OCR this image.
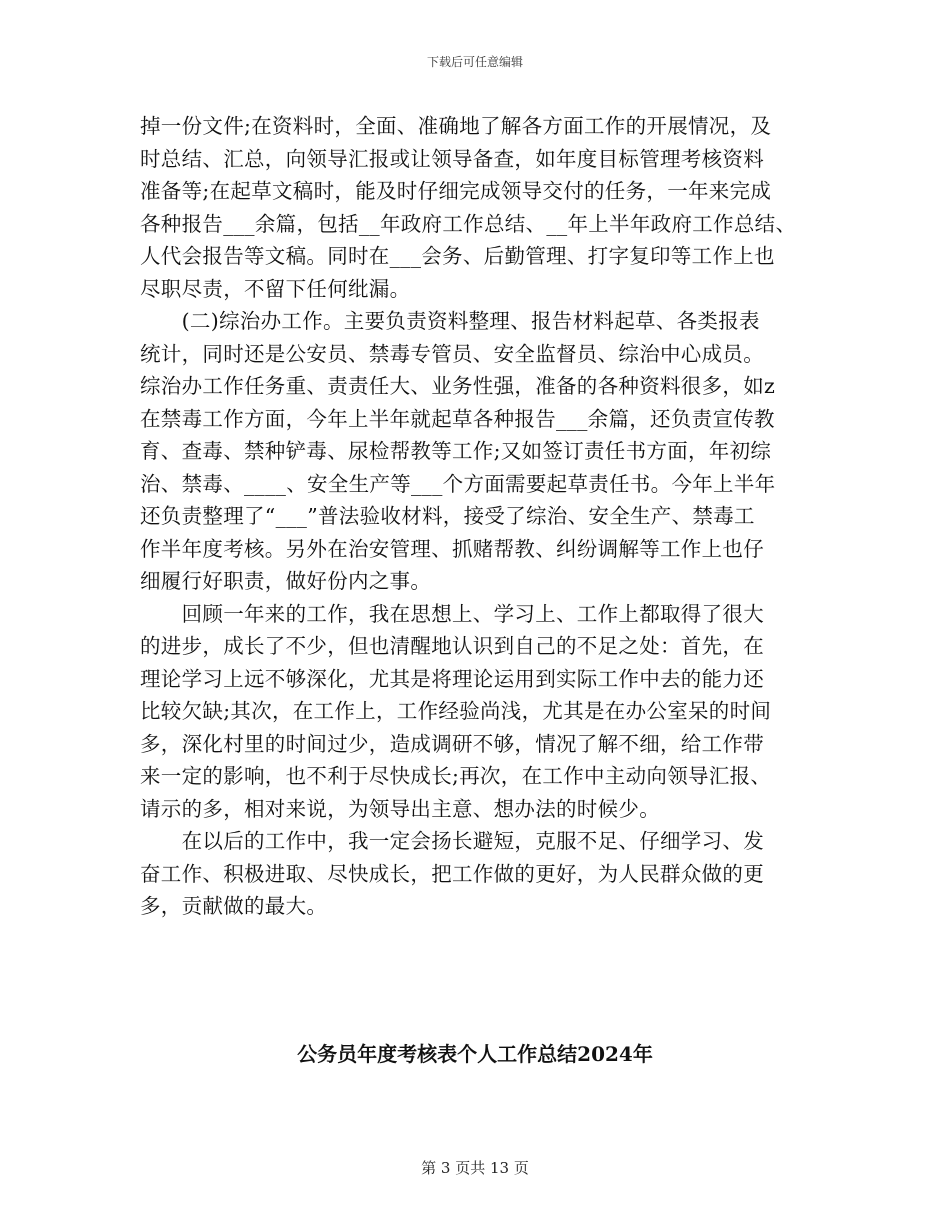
下载后可任意编辑
掉一份文件;在资料时，全面、准确地了解各方面工作的开展情况，及
时总结、汇总，向领导汇报或让领导备查，如年度目标管理考核资料
准备等;在起草文稿时，能及时仔细完成领导交付的任务，一年来完成
各种报告___余篇，包括__年政府工作总结、__年上半年政府工作总结、
人代会报告等文稿。同时在___会务、后勤管理、打字复印等工作上也
尽职尽责，不留下任何纰漏。
　　(二)综治办工作。主要负责资料整理、报告材料起草、各类报表
统计，同时还是公安员、禁毒专管员、安全监督员、综治中心成员。
综治办工作任务重、责责任大、业务性强，准备的各种资料很多，如z
在禁毒工作方面，今年上半年就起草各种报告___余篇，还负责宣传教
育、查毒、禁种铲毒、尿检帮教等工作;又如签订责任书方面，年初综
治、禁毒、____、安全生产等___个方面需要起草责任书。今年上半年
还负责整理了“___”普法验收材料，接受了综治、安全生产、禁毒工
作半年度考核。另外在治安管理、抓赌帮教、纠纷调解等工作上也仔
细履行好职责，做好份内之事。
　　回顾一年来的工作，我在思想上、学习上、工作上都取得了很大
的进步，成长了不少，但也清醒地认识到自己的不足之处：首先，在
理论学习上远不够深化，尤其是将理论运用到实际工作中去的能力还
比较欠缺;其次，在工作上，工作经验尚浅，尤其是在办公室呆的时间
多，深化村里的时间过少，造成调研不够，情况了解不细，给工作带
来一定的影响，也不利于尽快成长;再次，在工作中主动向领导汇报、
请示的多，相对来说，为领导出主意、想办法的时候少。
　　在以后的工作中，我一定会扬长避短，克服不足、仔细学习、发
奋工作、积极进取、尽快成长，把工作做的更好，为人民群众做的更
多，贡献做的最大。
公务员年度考核表个人工作总结2024年
第 3 页共 13 页
